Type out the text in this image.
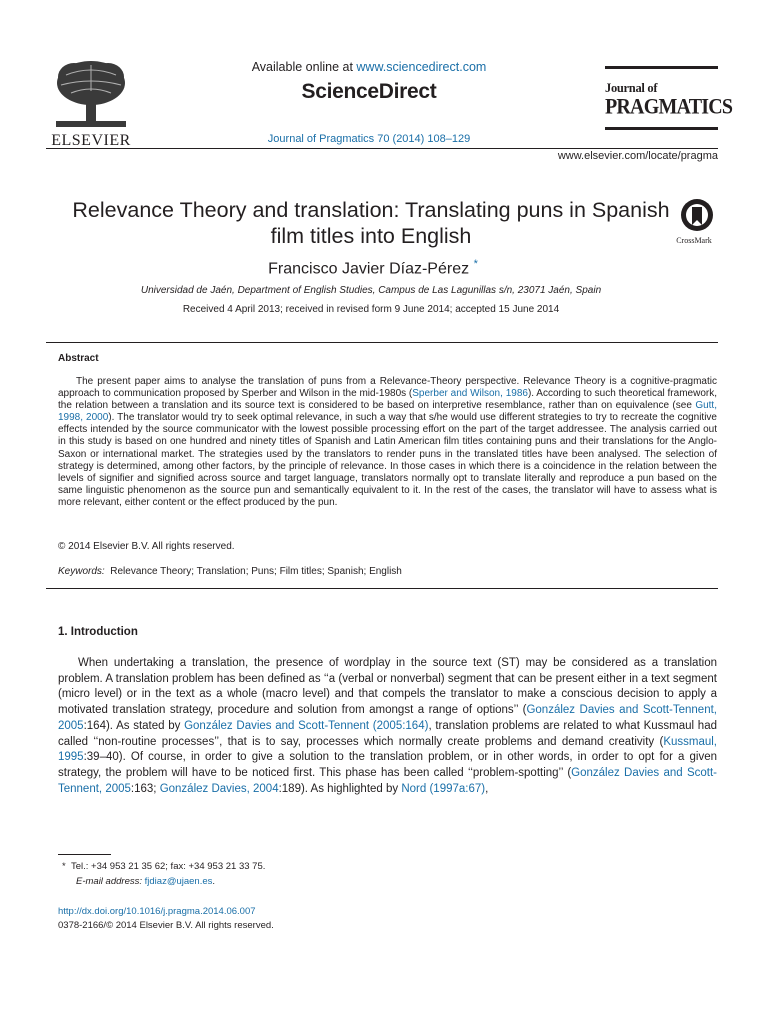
ELSEVIER
Available online at www.sciencedirect.com
ScienceDirect
Journal of Pragmatics 70 (2014) 108–129
Journal of
PRAGMATICS
www.elsevier.com/locate/pragma
Relevance Theory and translation: Translating puns in Spanish film titles into English	CrossMark
Francisco Javier Díaz-Pérez *
Universidad de Jaén, Department of English Studies, Campus de Las Lagunillas s/n, 23071 Jaén, Spain
Received 4 April 2013; received in revised form 9 June 2014; accepted 15 June 2014
Abstract

The present paper aims to analyse the translation of puns from a Relevance-Theory perspective. Relevance Theory is a cognitive-pragmatic approach to communication proposed by Sperber and Wilson in the mid-1980s (Sperber and Wilson, 1986). According to such theoretical framework, the relation between a translation and its source text is considered to be based on interpretive resemblance, rather than on equivalence (see Gutt, 1998, 2000). The translator would try to seek optimal relevance, in such a way that s/he would use different strategies to try to recreate the cognitive effects intended by the source communicator with the lowest possible processing effort on the part of the target addressee. The analysis carried out in this study is based on one hundred and ninety titles of Spanish and Latin American film titles containing puns and their translations for the Anglo-Saxon or international market. The strategies used by the translators to render puns in the translated titles have been analysed. The selection of strategy is determined, among other factors, by the principle of relevance. In those cases in which there is a coincidence in the relation between the levels of signifier and signified across source and target language, translators normally opt to translate literally and reproduce a pun based on the same linguistic phenomenon as the source pun and semantically equivalent to it. In the rest of the cases, the translator will have to assess what is more relevant, either content or the effect produced by the pun.

© 2014 Elsevier B.V. All rights reserved.
Keywords: Relevance Theory; Translation; Puns; Film titles; Spanish; English
1. Introduction

When undertaking a translation, the presence of wordplay in the source text (ST) may be considered as a translation problem. A translation problem has been defined as ‘‘a (verbal or nonverbal) segment that can be present either in a text segment (micro level) or in the text as a whole (macro level) and that compels the translator to make a conscious decision to apply a motivated translation strategy, procedure and solution from amongst a range of options’’ (González Davies and Scott-Tennent, 2005:164). As stated by González Davies and Scott-Tennent (2005:164), translation problems are related to what Kussmaul had called ‘‘non-routine processes’’, that is to say, processes which normally create problems and demand creativity (Kussmaul, 1995:39–40). Of course, in order to give a solution to the translation problem, or in other words, in order to opt for a given strategy, the problem will have to be noticed first. This phase has been called ‘‘problem-spotting’’ (González Davies and Scott-Tennent, 2005:163; González Davies, 2004:189). As highlighted by Nord (1997a:67),

* Tel.: +34 953 21 35 62; fax: +34 953 21 33 75.
E-mail address: fjdiaz@ujaen.es.
http://dx.doi.org/10.1016/j.pragma.2014.06.007
0378-2166/© 2014 Elsevier B.V. All rights reserved.
